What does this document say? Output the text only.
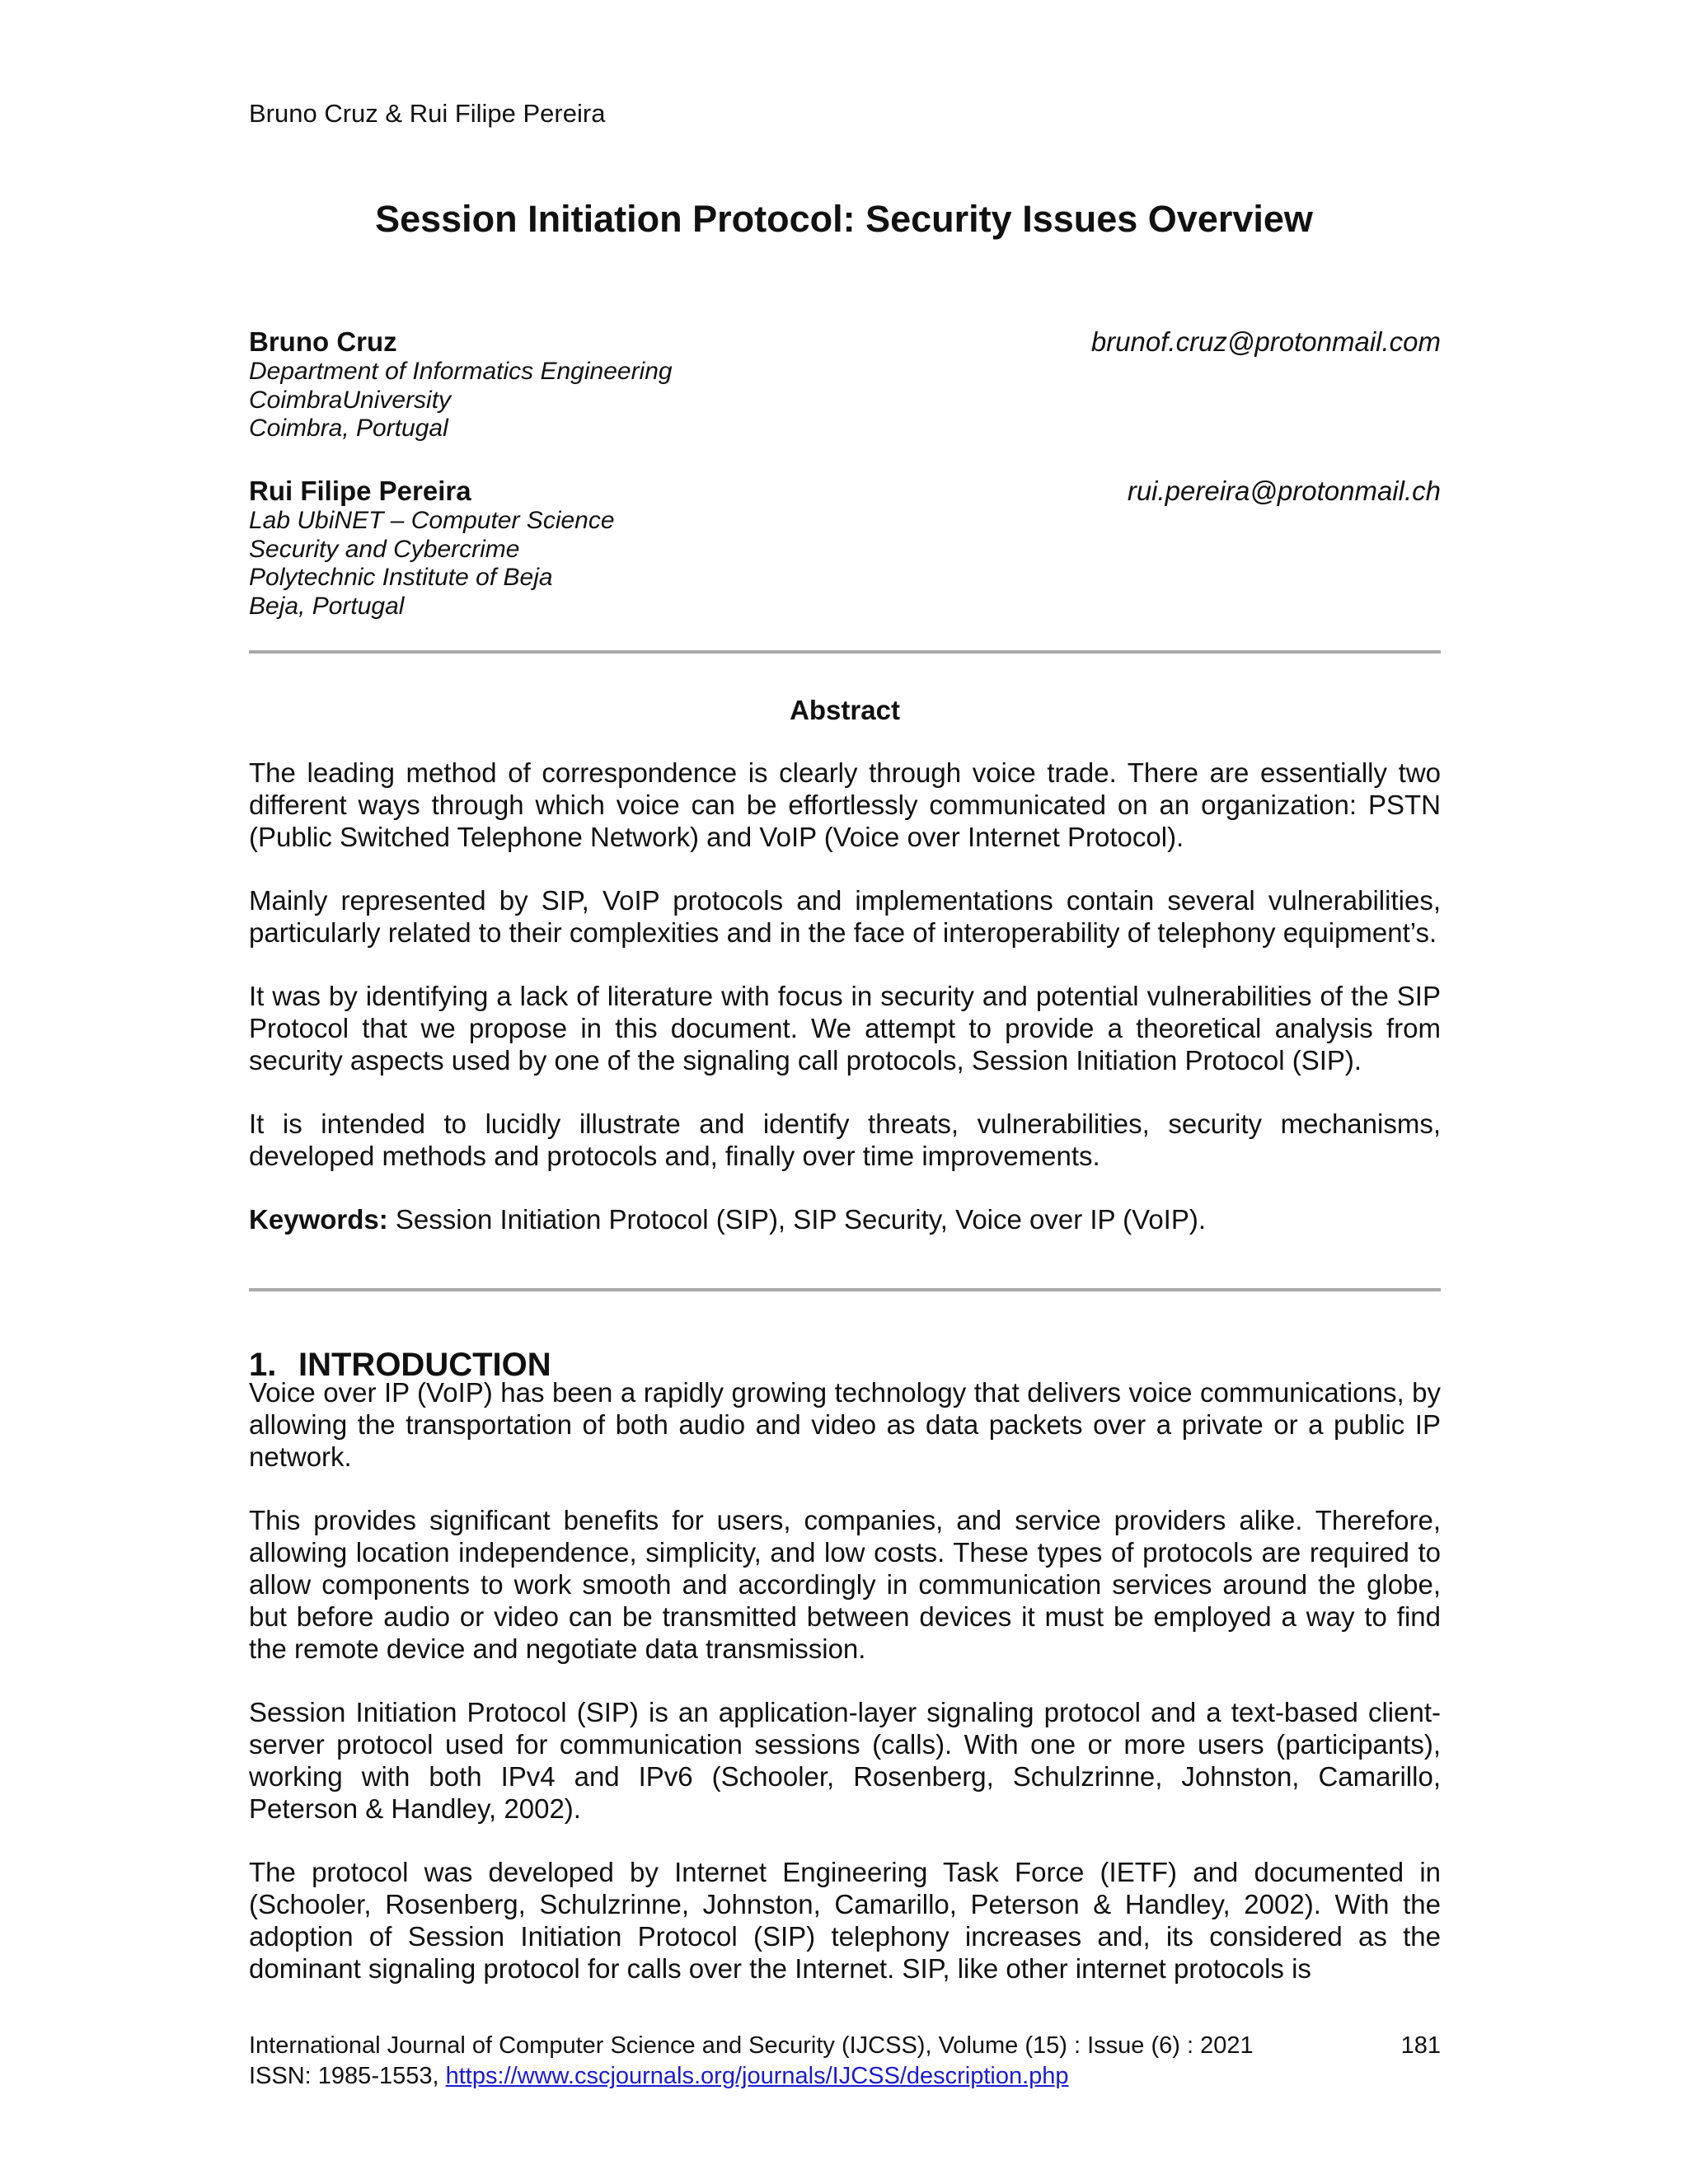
Bruno Cruz & Rui Filipe Pereira
Session Initiation Protocol: Security Issues Overview
Bruno Cruz	brunof.cruz@protonmail.com
Department of Informatics Engineering
CoimbraUniversity
Coimbra, Portugal
Rui Filipe Pereira	rui.pereira@protonmail.ch
Lab UbiNET – Computer Science
Security and Cybercrime
Polytechnic Institute of Beja
Beja, Portugal
Abstract

The leading method of correspondence is clearly through voice trade. There are essentially two different ways through which voice can be effortlessly communicated on an organization: PSTN (Public Switched Telephone Network) and VoIP (Voice over Internet Protocol).

Mainly represented by SIP, VoIP protocols and implementations contain several vulnerabilities, particularly related to their complexities and in the face of interoperability of telephony equipment’s.

It was by identifying a lack of literature with focus in security and potential vulnerabilities of the SIP Protocol that we propose in this document. We attempt to provide a theoretical analysis from security aspects used by one of the signaling call protocols, Session Initiation Protocol (SIP).

It is intended to lucidly illustrate and identify threats, vulnerabilities, security mechanisms, developed methods and protocols and, finally over time improvements.

Keywords: Session Initiation Protocol (SIP), SIP Security, Voice over IP (VoIP).

1. INTRODUCTION

Voice over IP (VoIP) has been a rapidly growing technology that delivers voice communications, by allowing the transportation of both audio and video as data packets over a private or a public IP network.

This provides significant benefits for users, companies, and service providers alike. Therefore, allowing location independence, simplicity, and low costs. These types of protocols are required to allow components to work smooth and accordingly in communication services around the globe, but before audio or video can be transmitted between devices it must be employed a way to find the remote device and negotiate data transmission.

Session Initiation Protocol (SIP) is an application-layer signaling protocol and a text-based client-server protocol used for communication sessions (calls). With one or more users (participants), working with both IPv4 and IPv6 (Schooler, Rosenberg, Schulzrinne, Johnston, Camarillo, Peterson & Handley, 2002).

The protocol was developed by Internet Engineering Task Force (IETF) and documented in (Schooler, Rosenberg, Schulzrinne, Johnston, Camarillo, Peterson & Handley, 2002). With the adoption of Session Initiation Protocol (SIP) telephony increases and, its considered as the dominant signaling protocol for calls over the Internet. SIP, like other internet protocols is

International Journal of Computer Science and Security (IJCSS), Volume (15) : Issue (6) : 2021	181
ISSN: 1985-1553, https://www.cscjournals.org/journals/IJCSS/description.php
